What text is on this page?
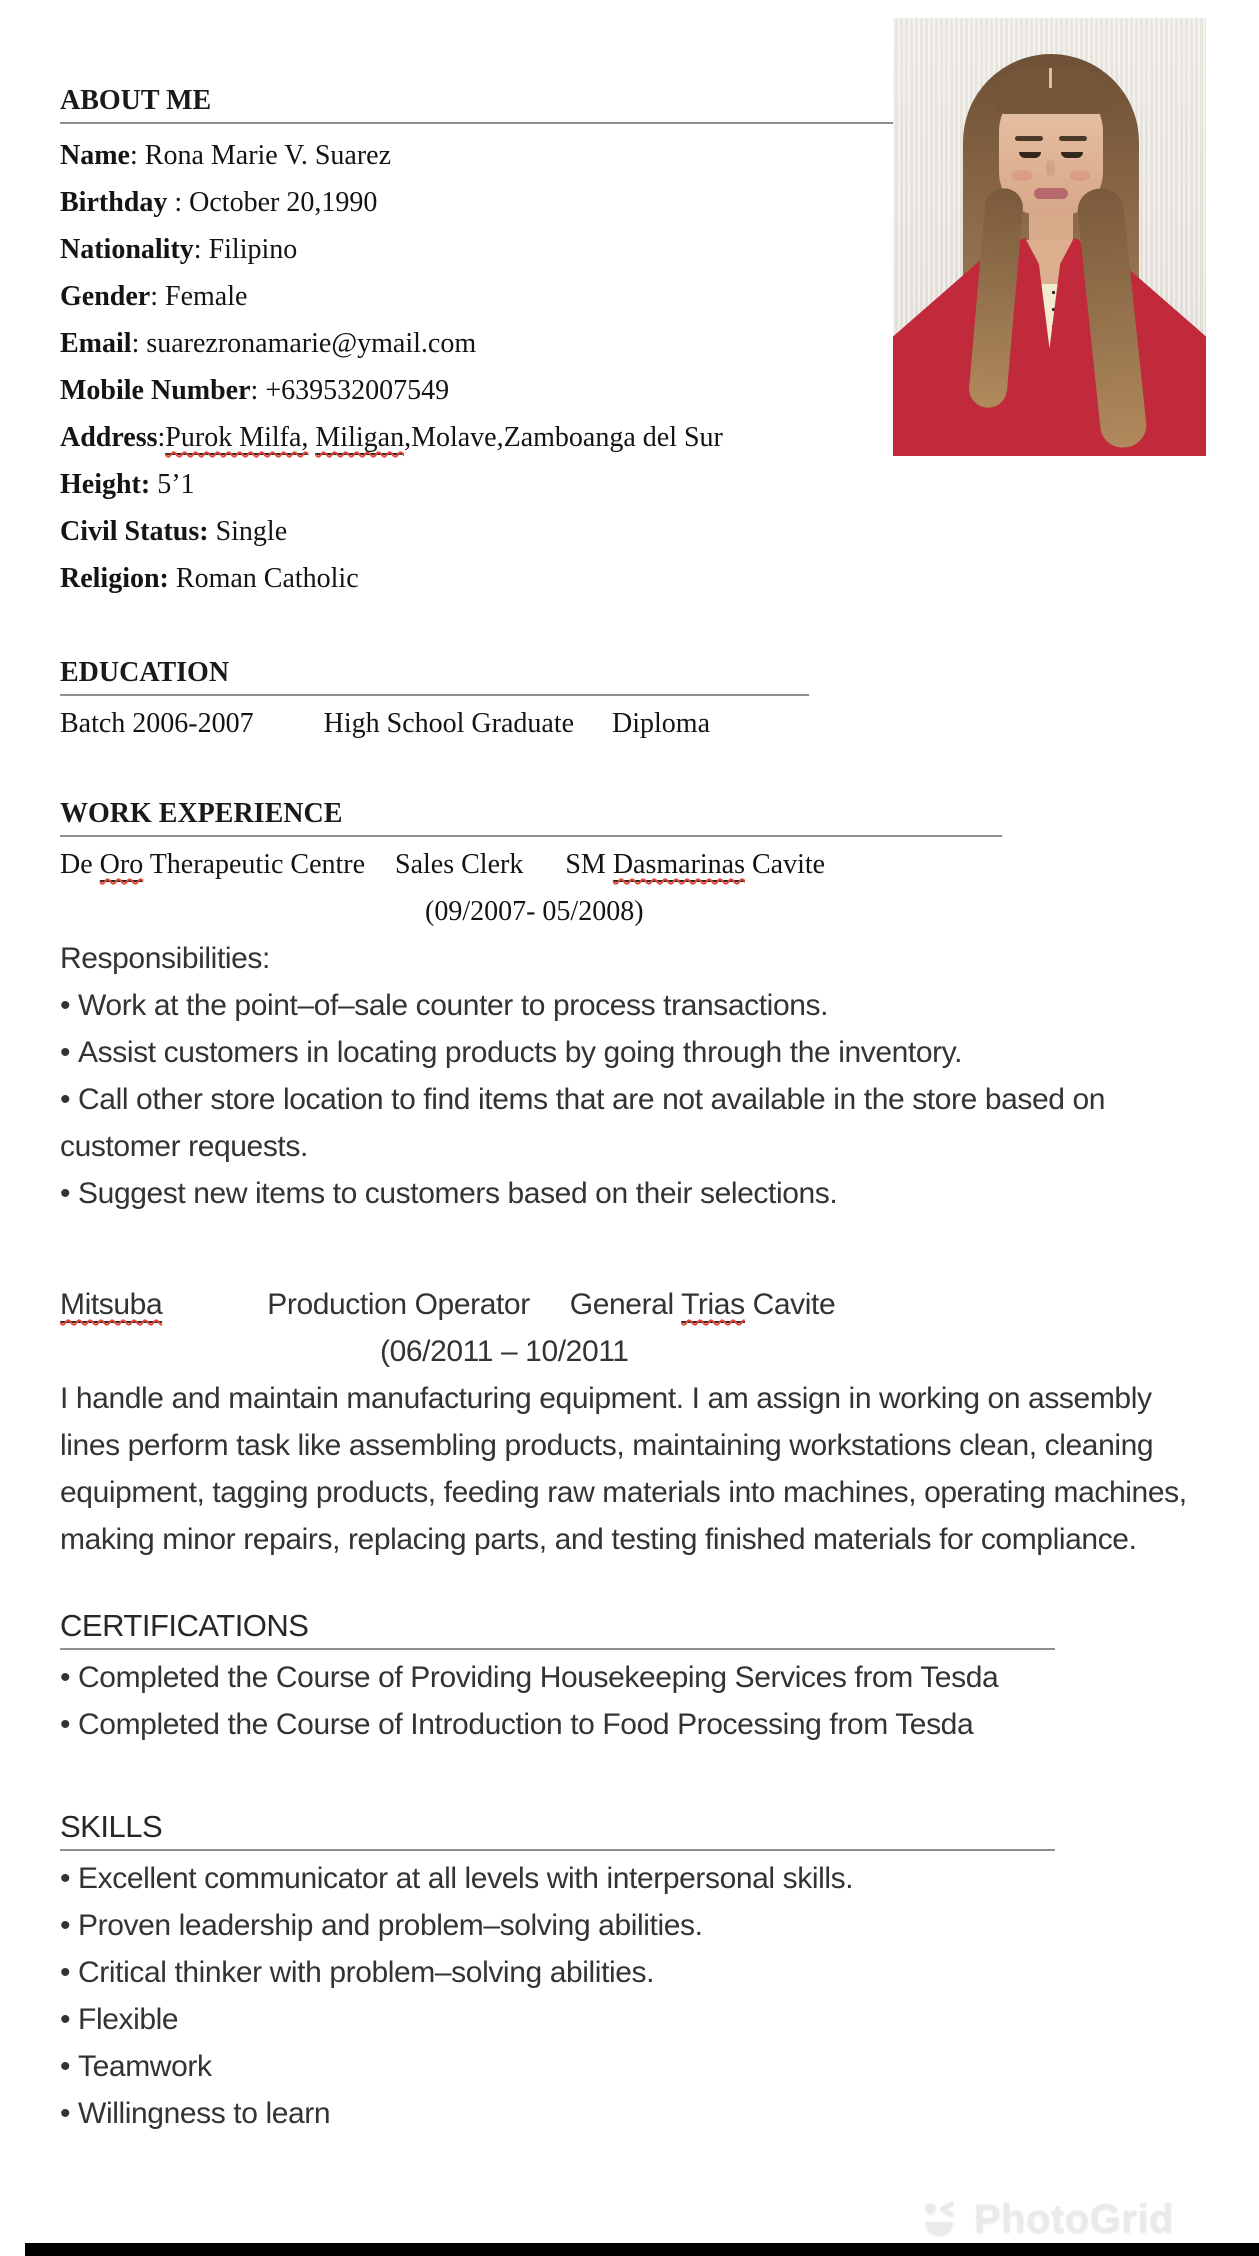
ABOUT ME
Name: Rona Marie V. Suarez
Birthday : October 20,1990
Nationality: Filipino
Gender: Female
Email: suarezronamarie@ymail.com
Mobile Number: +639532007549
Address:Purok Milfa, Miligan,Molave,Zamboanga del Sur
Height: 5’1
Civil Status: Single
Religion: Roman Catholic
EDUCATION
Batch 2006-2007	High School Graduate Diploma
WORK EXPERIENCE
De Oro Therapeutic Centre Sales Clerk SM Dasmarinas Cavite
(09/2007- 05/2008)
Responsibilities:
• Work at the point–of–sale counter to process transactions.
• Assist customers in locating products by going through the inventory.
• Call other store location to find items that are not available in the store based on customer requests.
• Suggest new items to customers based on their selections.
Mitsuba	Production Operator General Trias Cavite
(06/2011 – 10/2011
I handle and maintain manufacturing equipment. I am assign in working on assembly lines perform task like assembling products, maintaining workstations clean, cleaning equipment, tagging products, feeding raw materials into machines, operating machines, making minor repairs, replacing parts, and testing finished materials for compliance.
CERTIFICATIONS
• Completed the Course of Providing Housekeeping Services from Tesda
• Completed the Course of Introduction to Food Processing from Tesda
SKILLS
• Excellent communicator at all levels with interpersonal skills.
• Proven leadership and problem–solving abilities.
• Critical thinker with problem–solving abilities.
• Flexible
• Teamwork
• Willingness to learn
PhotoGrid
